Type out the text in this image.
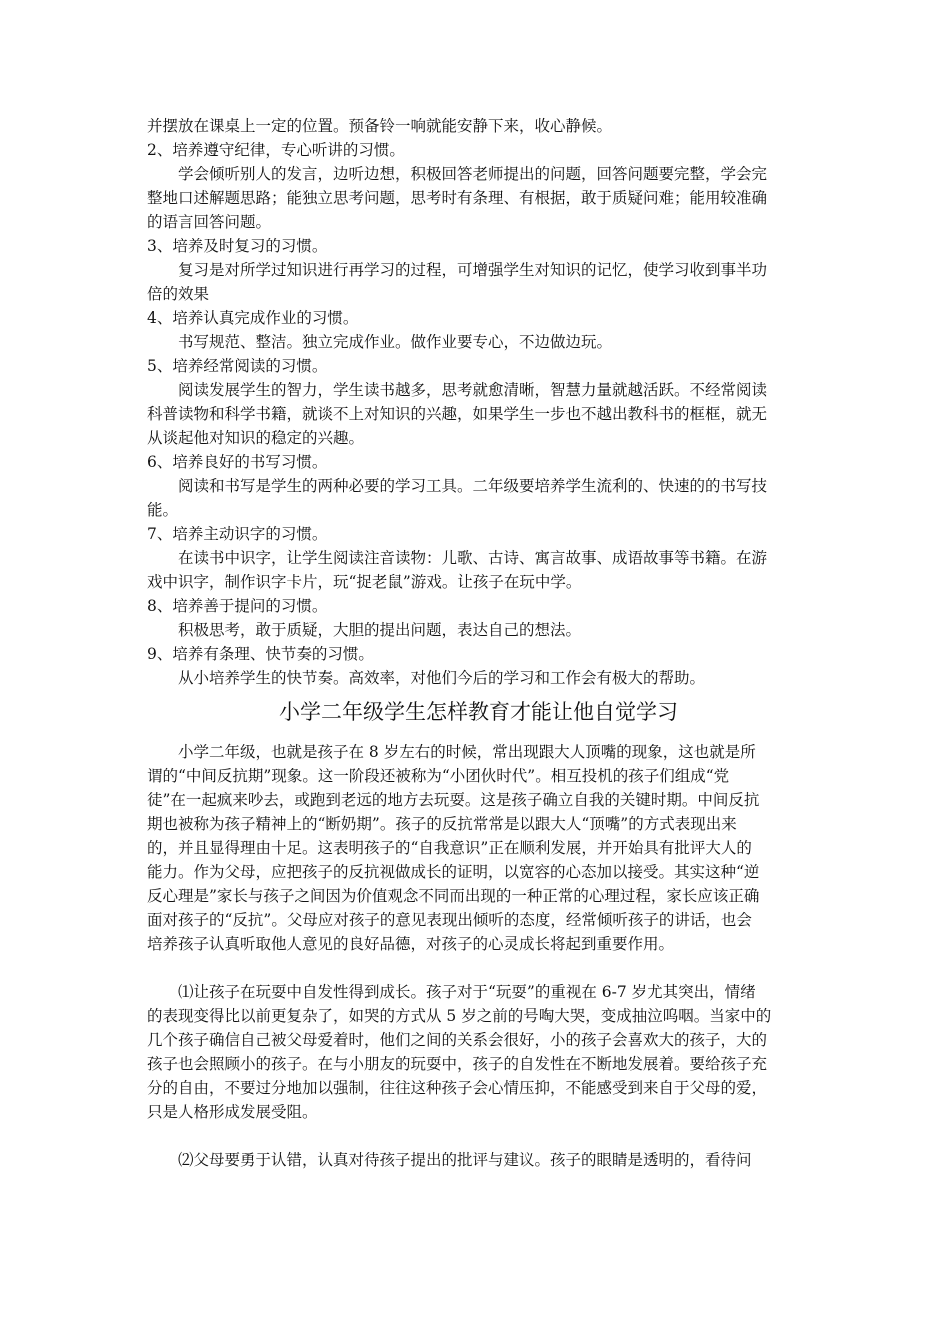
并摆放在课桌上一定的位置。预备铃一响就能安静下来，收心静候。
2、培养遵守纪律，专心听讲的习惯。
学会倾听别人的发言，边听边想，积极回答老师提出的问题，回答问题要完整，学会完
整地口述解题思路；能独立思考问题，思考时有条理、有根据，敢于质疑问难；能用较准确
的语言回答问题。
3、培养及时复习的习惯。
复习是对所学过知识进行再学习的过程，可增强学生对知识的记忆，使学习收到事半功
倍的效果
4、培养认真完成作业的习惯。
书写规范、整洁。独立完成作业。做作业要专心，不边做边玩。
5、培养经常阅读的习惯。
阅读发展学生的智力，学生读书越多，思考就愈清晰，智慧力量就越活跃。不经常阅读
科普读物和科学书籍，就谈不上对知识的兴趣，如果学生一步也不越出教科书的框框，就无
从谈起他对知识的稳定的兴趣。
6、培养良好的书写习惯。
阅读和书写是学生的两种必要的学习工具。二年级要培养学生流利的、快速的的书写技
能。
7、培养主动识字的习惯。
在读书中识字，让学生阅读注音读物：儿歌、古诗、寓言故事、成语故事等书籍。在游
戏中识字，制作识字卡片，玩“捉老鼠”游戏。让孩子在玩中学。
8、培养善于提问的习惯。
积极思考，敢于质疑，大胆的提出问题，表达自己的想法。
9、培养有条理、快节奏的习惯。
从小培养学生的快节奏。高效率，对他们今后的学习和工作会有极大的帮助。
小学二年级学生怎样教育才能让他自觉学习
小学二年级，也就是孩子在 8 岁左右的时候，常出现跟大人顶嘴的现象，这也就是所
谓的“中间反抗期”现象。这一阶段还被称为“小团伙时代”。相互投机的孩子们组成“党
徒”在一起疯来吵去，或跑到老远的地方去玩耍。这是孩子确立自我的关键时期。中间反抗
期也被称为孩子精神上的“断奶期”。孩子的反抗常常是以跟大人“顶嘴”的方式表现出来
的，并且显得理由十足。这表明孩子的“自我意识”正在顺利发展，并开始具有批评大人的
能力。作为父母，应把孩子的反抗视做成长的证明，以宽容的心态加以接受。其实这种“逆
反心理是”家长与孩子之间因为价值观念不同而出现的一种正常的心理过程，家长应该正确
面对孩子的“反抗”。父母应对孩子的意见表现出倾听的态度，经常倾听孩子的讲话，也会
培养孩子认真听取他人意见的良好品德，对孩子的心灵成长将起到重要作用。
⑴让孩子在玩耍中自发性得到成长。孩子对于“玩耍”的重视在 6-7 岁尤其突出，情绪
的表现变得比以前更复杂了，如哭的方式从 5 岁之前的号啕大哭，变成抽泣呜咽。当家中的
几个孩子确信自己被父母爱着时，他们之间的关系会很好，小的孩子会喜欢大的孩子，大的
孩子也会照顾小的孩子。在与小朋友的玩耍中，孩子的自发性在不断地发展着。要给孩子充
分的自由，不要过分地加以强制，往往这种孩子会心情压抑，不能感受到来自于父母的爱，
只是人格形成发展受阻。
⑵父母要勇于认错，认真对待孩子提出的批评与建议。孩子的眼睛是透明的，看待问
